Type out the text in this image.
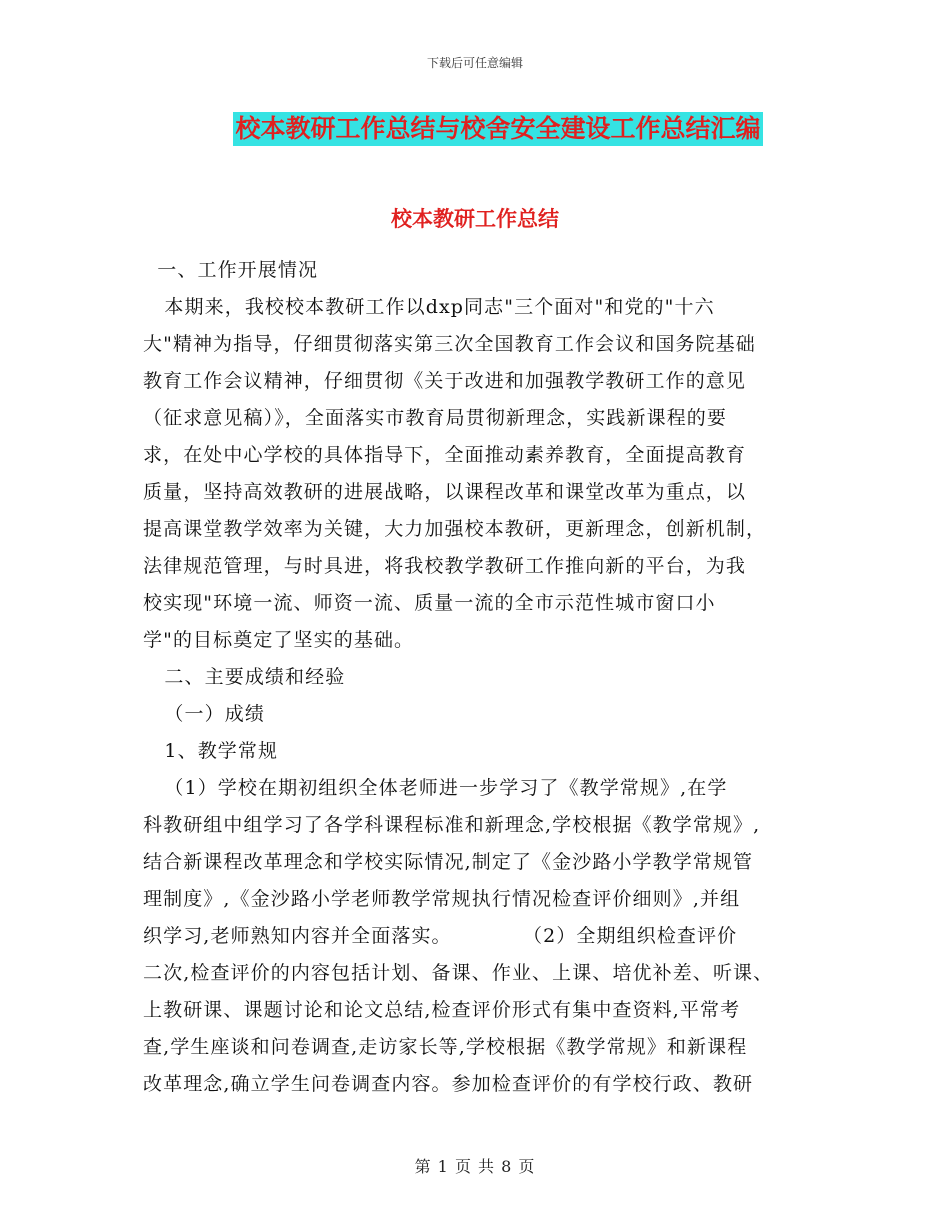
下载后可任意编辑
校本教研工作总结与校舍安全建设工作总结汇编
校本教研工作总结
一、工作开展情况
本期来，我校校本教研工作以dxp同志"三个面对"和党的"十六
大"精神为指导，仔细贯彻落实第三次全国教育工作会议和国务院基础
教育工作会议精神，仔细贯彻《关于改进和加强教学教研工作的意见
（征求意见稿）》，全面落实市教育局贯彻新理念，实践新课程的要
求，在处中心学校的具体指导下，全面推动素养教育，全面提高教育
质量，坚持高效教研的进展战略，以课程改革和课堂改革为重点，以
提高课堂教学效率为关键，大力加强校本教研，更新理念，创新机制，
法律规范管理，与时具进，将我校教学教研工作推向新的平台，为我
校实现"环境一流、师资一流、质量一流的全市示范性城市窗口小
学"的目标奠定了坚实的基础。
二、主要成绩和经验
（一）成绩
1、教学常规
（1）学校在期初组织全体老师进一步学习了《教学常规》,在学
科教研组中组学习了各学科课程标准和新理念,学校根据《教学常规》,
结合新课程改革理念和学校实际情况,制定了《金沙路小学教学常规管
理制度》,《金沙路小学老师教学常规执行情况检查评价细则》,并组
织学习,老师熟知内容并全面落实。          （2）全期组织检查评价
二次,检查评价的内容包括计划、备课、作业、上课、培优补差、听课、
上教研课、课题讨论和论文总结,检查评价形式有集中查资料,平常考
查,学生座谈和问卷调查,走访家长等,学校根据《教学常规》和新课程
改革理念,确立学生问卷调查内容。参加检查评价的有学校行政、教研
第 1 页 共 8 页
